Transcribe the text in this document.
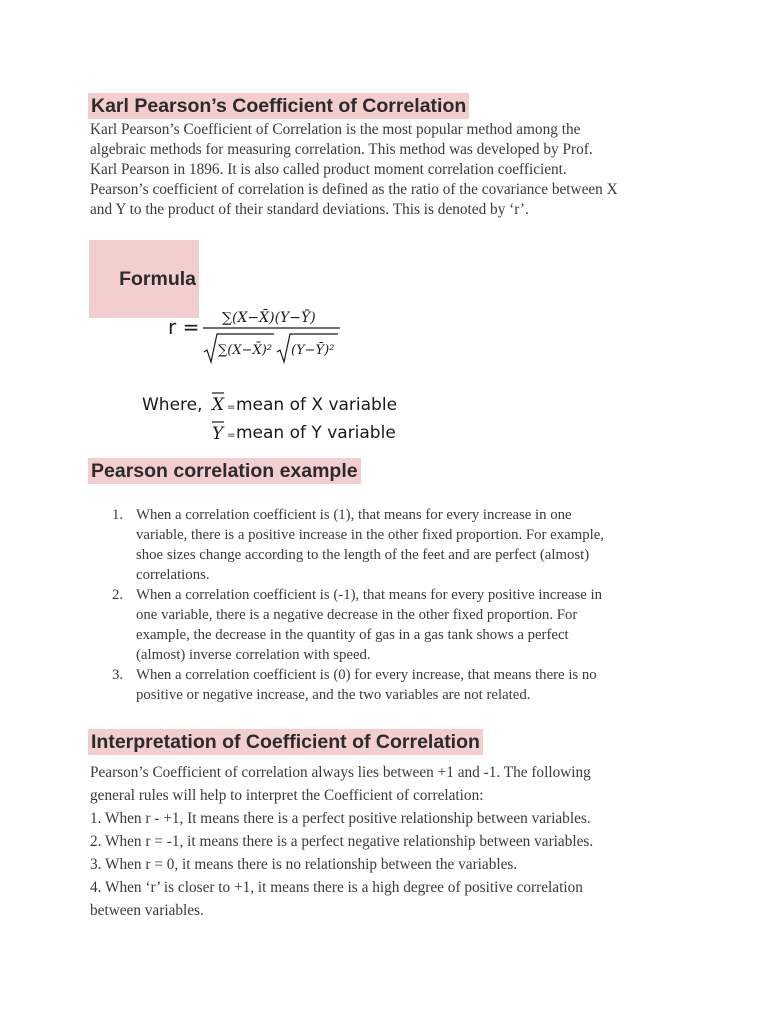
Karl Pearson’s Coefficient of Correlation
Karl Pearson’s Coefficient of Correlation is the most popular method among the
algebraic methods for measuring correlation. This method was developed by Prof.
Karl Pearson in 1896. It is also called product moment correlation coefficient.
Pearson’s coefficient of correlation is defined as the ratio of the covariance between X
and Y to the product of their standard deviations. This is denoted by ‘r’.

Formula

r = ∑(X−X̄)(Y−Ȳ)
∑(X−X̄)² (Y−Ȳ)²
Where, X = mean of X variable
Y = mean of Y variable
Pearson correlation example
1. When a correlation coefficient is (1), that means for every increase in one
variable, there is a positive increase in the other fixed proportion. For example,
shoe sizes change according to the length of the feet and are perfect (almost)
correlations.
2. When a correlation coefficient is (-1), that means for every positive increase in
one variable, there is a negative decrease in the other fixed proportion. For
example, the decrease in the quantity of gas in a gas tank shows a perfect
(almost) inverse correlation with speed.
3. When a correlation coefficient is (0) for every increase, that means there is no
positive or negative increase, and the two variables are not related.
Interpretation of Coefficient of Correlation
Pearson’s Coefficient of correlation always lies between +1 and -1. The following
general rules will help to interpret the Coefficient of correlation:
1. When r - +1, It means there is a perfect positive relationship between variables.
2. When r = -1, it means there is a perfect negative relationship between variables.
3. When r = 0, it means there is no relationship between the variables.
4. When ‘r’ is closer to +1, it means there is a high degree of positive correlation
between variables.
